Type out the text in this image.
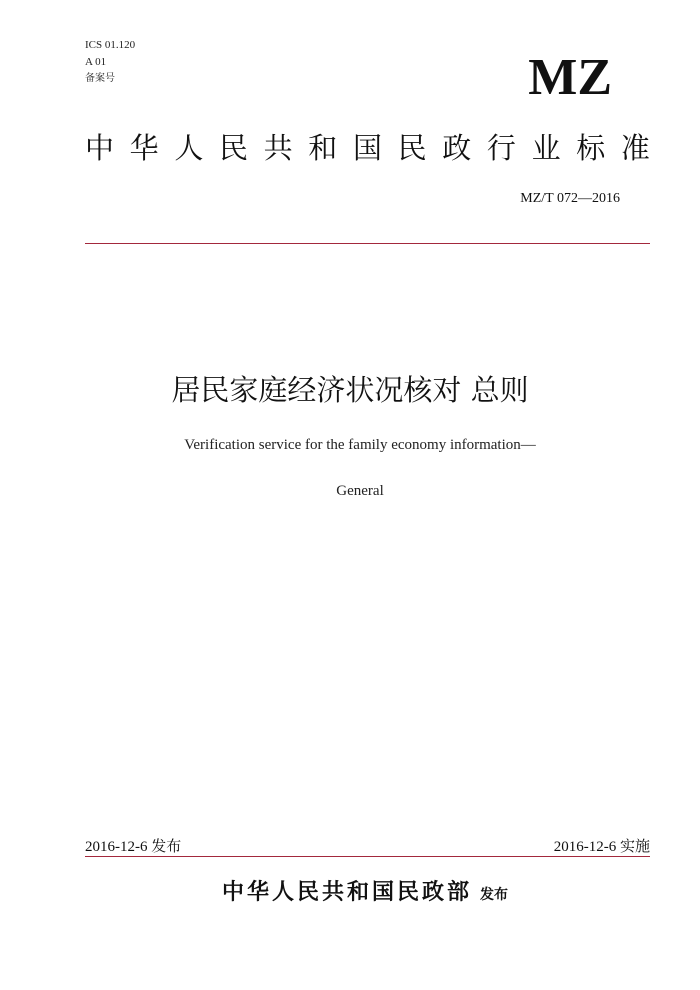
ICS 01.120
A 01
备案号	MZ
中 华 人 民 共 和 国 民 政 行 业 标 准
MZ/T 072—2016
居民家庭经济状况核对 总则
Verification service for the family economy information—
General
2016-12-6 发布	2016-12-6 实施
中华人民共和国民政部 发布
